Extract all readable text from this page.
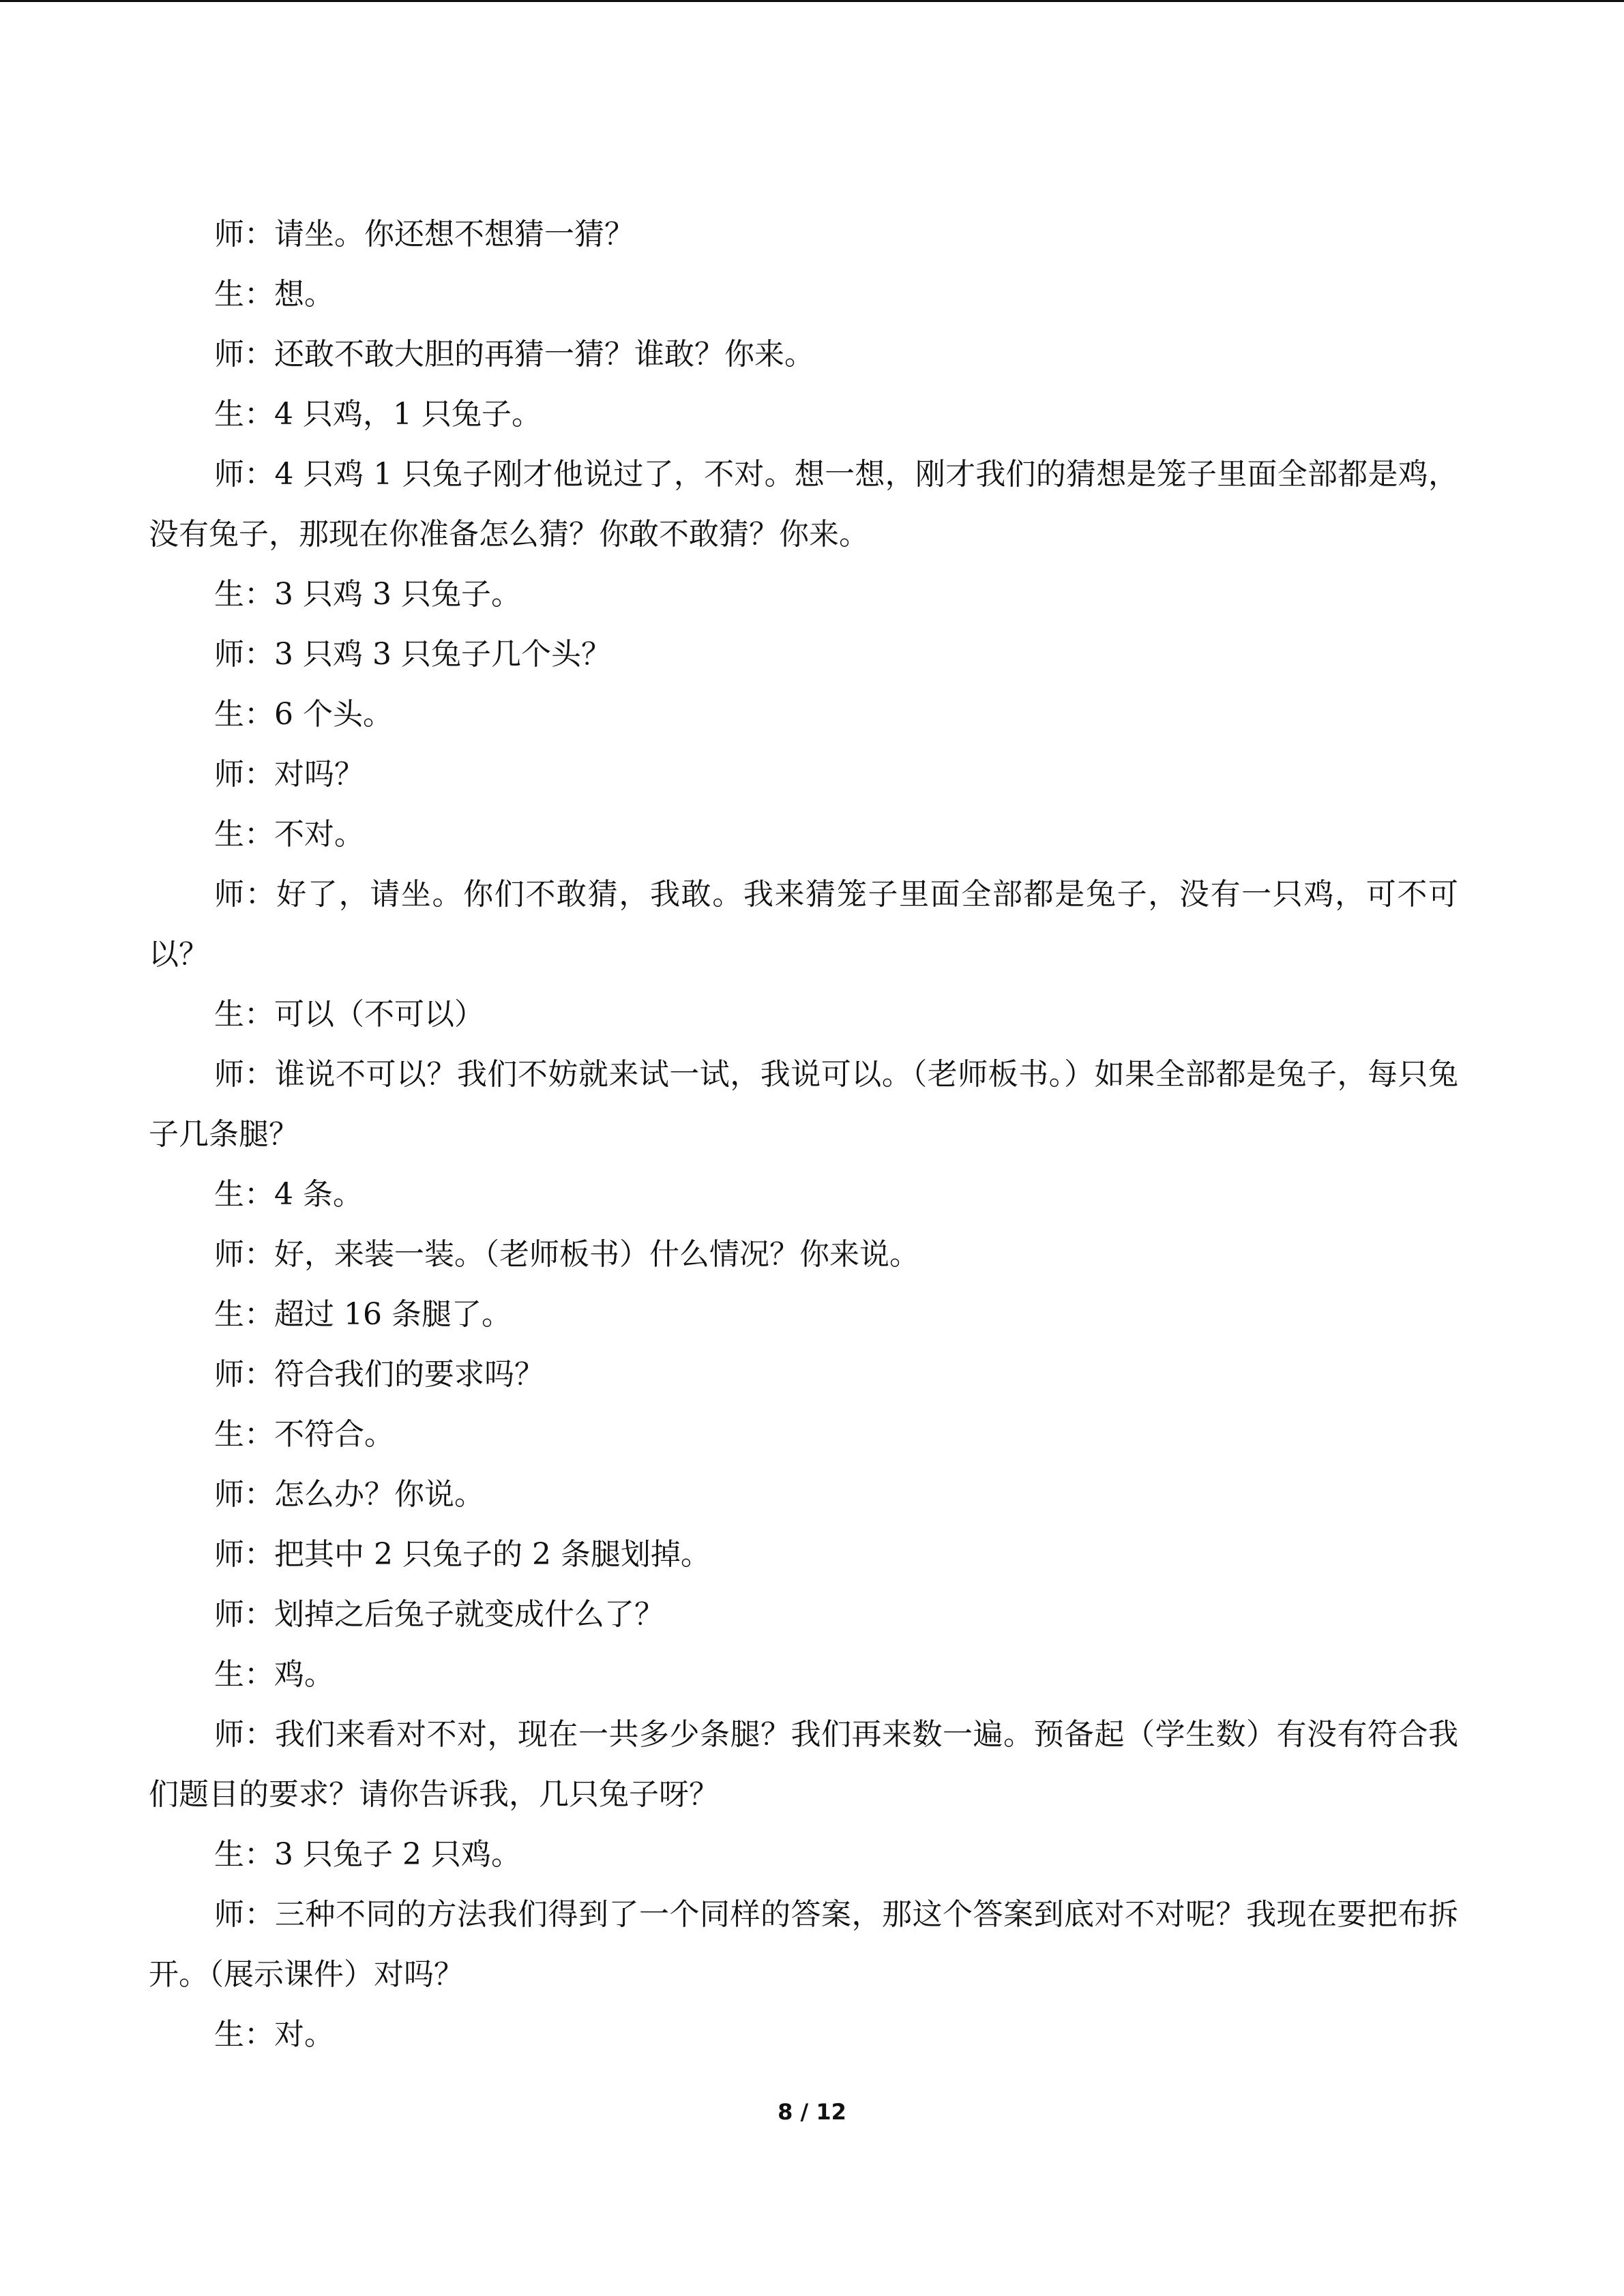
师：请坐。你还想不想猜一猜？

生：想。

师：还敢不敢大胆的再猜一猜？谁敢？你来。

生：4 只鸡，1 只兔子。

师：4 只鸡 1 只兔子刚才他说过了，不对。想一想，刚才我们的猜想是笼子里面全部都是鸡，没有兔子，那现在你准备怎么猜？你敢不敢猜？你来。

生：3 只鸡 3 只兔子。

师：3 只鸡 3 只兔子几个头？

生：6 个头。

师：对吗？

生：不对。

师：好了，请坐。你们不敢猜，我敢。我来猜笼子里面全部都是兔子，没有一只鸡，可不可以？

生：可以（不可以）

师：谁说不可以？我们不妨就来试一试，我说可以。（老师板书。）如果全部都是兔子，每只兔子几条腿？

生：4 条。

师：好，来装一装。（老师板书）什么情况？你来说。

生：超过 16 条腿了。

师：符合我们的要求吗？

生：不符合。

师：怎么办？你说。

师：把其中 2 只兔子的 2 条腿划掉。

师：划掉之后兔子就变成什么了？

生：鸡。

师：我们来看对不对，现在一共多少条腿？我们再来数一遍。预备起（学生数）有没有符合我们题目的要求？请你告诉我，几只兔子呀？

生：3 只兔子 2 只鸡。

师：三种不同的方法我们得到了一个同样的答案，那这个答案到底对不对呢？我现在要把布拆开。（展示课件）对吗？

生：对。

8 / 12
